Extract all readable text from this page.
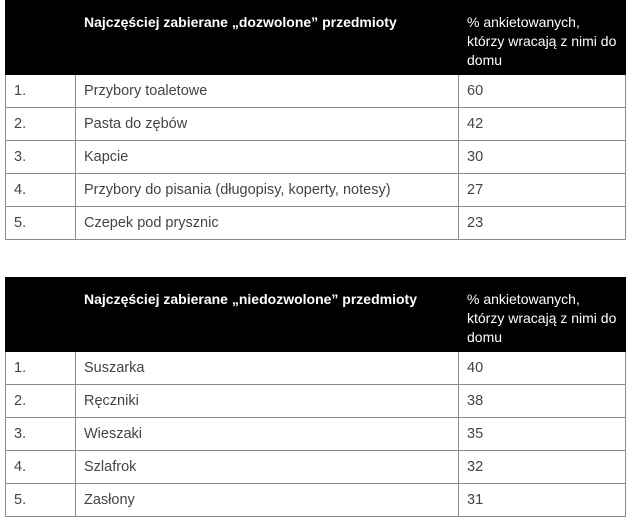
	Najczęściej zabierane „dozwolone” przedmioty	% ankietowanych, którzy wracają z nimi do domu
1.	Przybory toaletowe	60
2.	Pasta do zębów	42
3.	Kapcie	30
4.	Przybory do pisania (długopisy, koperty, notesy)	27
5.	Czepek pod prysznic	23
	Najczęściej zabierane „niedozwolone” przedmioty	% ankietowanych, którzy wracają z nimi do domu
1.	Suszarka	40
2.	Ręczniki	38
3.	Wieszaki	35
4.	Szlafrok	32
5.	Zasłony	31
